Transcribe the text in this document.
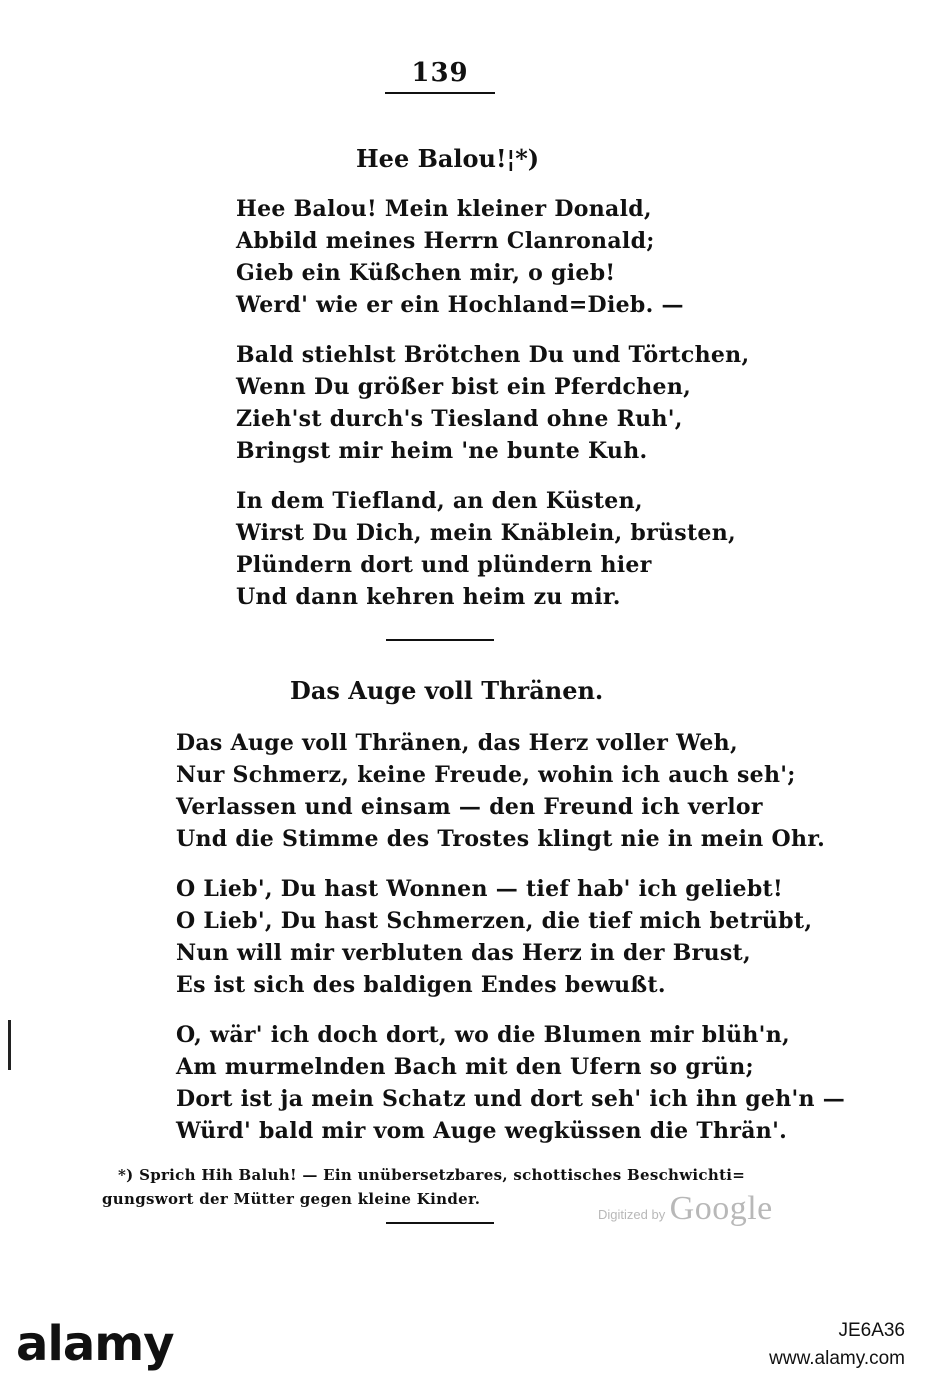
139
Hee Balou!¦*)
Hee Balou! Mein kleiner Donald,
Abbild meines Herrn Clanronald;
Gieb ein Küßchen mir, o gieb!
Werd' wie er ein Hochland=Dieb. —
Bald stiehlst Brötchen Du und Törtchen,
Wenn Du größer bist ein Pferdchen,
Zieh'st durch's Tiesland ohne Ruh',
Bringst mir heim 'ne bunte Kuh.
In dem Tiefland, an den Küsten,
Wirst Du Dich, mein Knäblein, brüsten,
Plündern dort und plündern hier
Und dann kehren heim zu mir.
Das Auge voll Thränen.
Das Auge voll Thränen, das Herz voller Weh,
Nur Schmerz, keine Freude, wohin ich auch seh';
Verlassen und einsam — den Freund ich verlor
Und die Stimme des Trostes klingt nie in mein Ohr.
O Lieb', Du hast Wonnen — tief hab' ich geliebt!
O Lieb', Du hast Schmerzen, die tief mich betrübt,
Nun will mir verbluten das Herz in der Brust,
Es ist sich des baldigen Endes bewußt.
O, wär' ich doch dort, wo die Blumen mir blüh'n,
Am murmelnden Bach mit den Ufern so grün;
Dort ist ja mein Schatz und dort seh' ich ihn geh'n —
Würd' bald mir vom Auge wegküssen die Thrän'.
*) Sprich Hih Baluh! — Ein unübersetzbares, schottisches Beschwichti=
gungswort der Mütter gegen kleine Kinder.
Digitized by Google
alamy	JE6A36
www.alamy.com
